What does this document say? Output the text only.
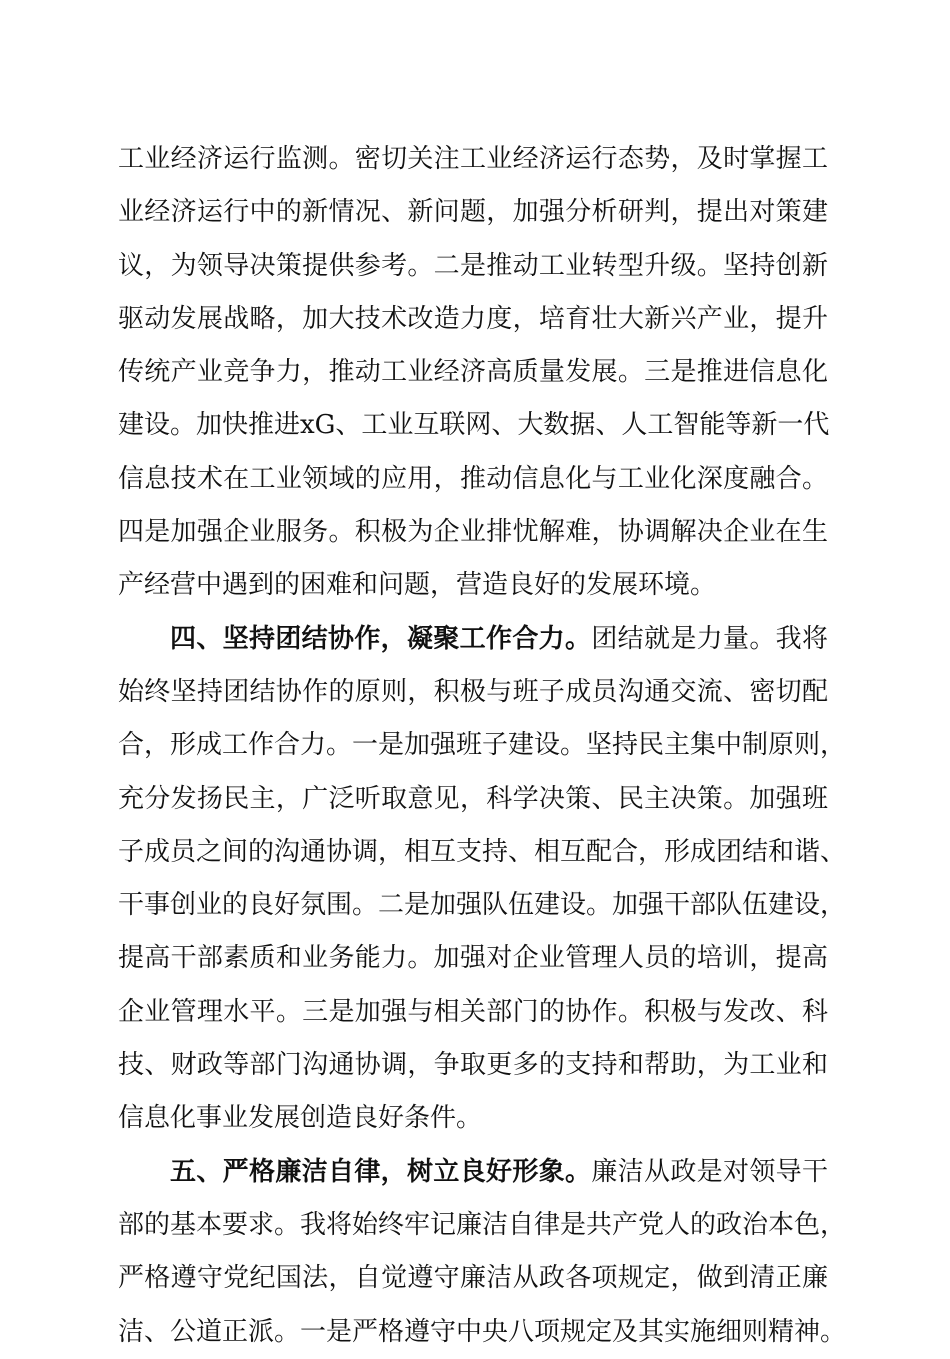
工业经济运行监测。密切关注工业经济运行态势，及时掌握工
业经济运行中的新情况、新问题，加强分析研判，提出对策建
议，为领导决策提供参考。二是推动工业转型升级。坚持创新
驱动发展战略，加大技术改造力度，培育壮大新兴产业，提升
传统产业竞争力，推动工业经济高质量发展。三是推进信息化
建设。加快推进xG、工业互联网、大数据、人工智能等新一代
信息技术在工业领域的应用，推动信息化与工业化深度融合。
四是加强企业服务。积极为企业排忧解难，协调解决企业在生
产经营中遇到的困难和问题，营造良好的发展环境。
四、坚持团结协作，凝聚工作合力。团结就是力量。我将
始终坚持团结协作的原则，积极与班子成员沟通交流、密切配
合，形成工作合力。一是加强班子建设。坚持民主集中制原则，
充分发扬民主，广泛听取意见，科学决策、民主决策。加强班
子成员之间的沟通协调，相互支持、相互配合，形成团结和谐、
干事创业的良好氛围。二是加强队伍建设。加强干部队伍建设，
提高干部素质和业务能力。加强对企业管理人员的培训，提高
企业管理水平。三是加强与相关部门的协作。积极与发改、科
技、财政等部门沟通协调，争取更多的支持和帮助，为工业和
信息化事业发展创造良好条件。
五、严格廉洁自律，树立良好形象。廉洁从政是对领导干
部的基本要求。我将始终牢记廉洁自律是共产党人的政治本色，
严格遵守党纪国法，自觉遵守廉洁从政各项规定，做到清正廉
洁、公道正派。一是严格遵守中央八项规定及其实施细则精神。
